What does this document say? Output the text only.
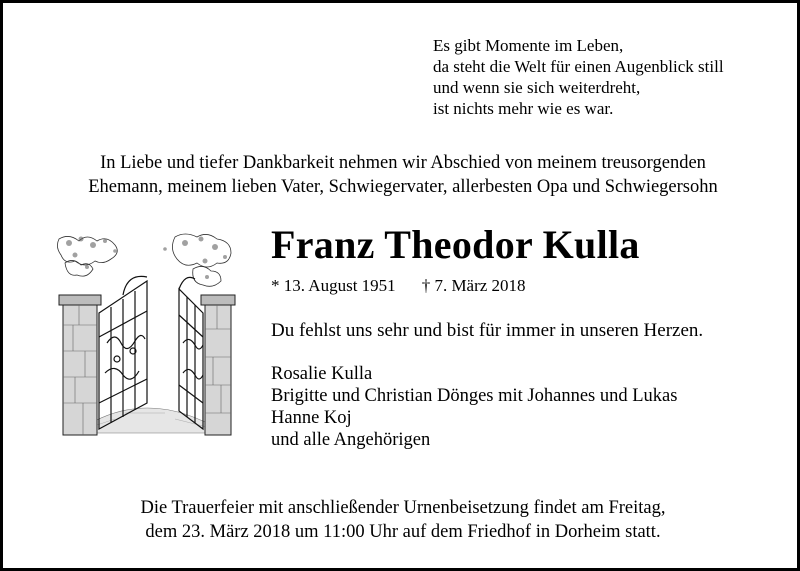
Es gibt Momente im Leben,
da steht die Welt für einen Augenblick still
und wenn sie sich weiterdreht,
ist nichts mehr wie es war.
In Liebe und tiefer Dankbarkeit nehmen wir Abschied von meinem treusorgenden
Ehemann, meinem lieben Vater, Schwiegervater, allerbesten Opa und Schwiegersohn
Franz Theodor Kulla
* 13. August 1951 † 7. März 2018
Du fehlst uns sehr und bist für immer in unseren Herzen.
Rosalie Kulla
Brigitte und Christian Dönges mit Johannes und Lukas
Hanne Koj
und alle Angehörigen
Die Trauerfeier mit anschließender Urnenbeisetzung findet am Freitag,
dem 23. März 2018 um 11:00 Uhr auf dem Friedhof in Dorheim statt.
